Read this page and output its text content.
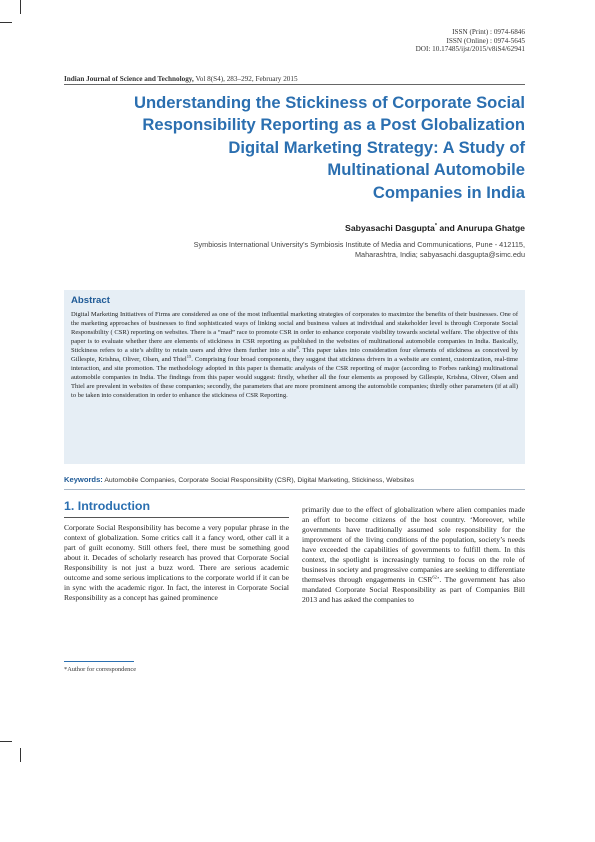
ISSN (Print) : 0974-6846
ISSN (Online) : 0974-5645
DOI: 10.17485/ijst/2015/v8iS4/62941
Indian Journal of Science and Technology, Vol 8(S4), 283–292, February 2015
Understanding the Stickiness of Corporate Social
Responsibility Reporting as a Post Globalization
Digital Marketing Strategy: A Study of
Multinational Automobile
Companies in India
Sabyasachi Dasgupta* and Anurupa Ghatge
Symbiosis International University's Symbiosis Institute of Media and Communications, Pune - 412115,
Maharashtra, India; sabyasachi.dasgupta@simc.edu
Abstract
Digital Marketing Initiatives of Firms are considered as one of the most influential marketing strategies of corporates to maximize the benefits of their businesses. One of the marketing approaches of businesses to find sophisticated ways of linking social and business values at individual and stakeholder level is through Corporate Social Responsibility ( CSR) reporting on websites. There is a “mad” race to promote CSR in order to enhance corporate visibility towards societal welfare. The objective of this paper is to evaluate whether there are elements of stickiness in CSR reporting as published in the websites of multinational automobile companies in India. Basically, Stickiness refers to a site’s ability to retain users and drive them further into a site$^8$. This paper takes into consideration four elements of stickiness as conceived by Gillespie, Krishna, Oliver, Olsen, and Thiel$^{15}$. Comprising four broad components, they suggest that stickiness drivers in a website are content, customization, real-time interaction, and site promotion. The methodology adopted in this paper is thematic analysis of the CSR reporting of major (according to Forbes ranking) multinational automobile companies in India. The findings from this paper would suggest: firstly, whether all the four elements as proposed by Gillespie, Krishna, Oliver, Olsen and Thiel are prevalent in websites of these companies; secondly, the parameters that are more prominent among the automobile companies; thirdly other parameters (if at all) to be taken into consideration in order to enhance the stickiness of CSR Reporting.
Keywords: Automobile Companies, Corporate Social Responsibility (CSR), Digital Marketing, Stickiness, Websites
1. Introduction
Corporate Social Responsibility has become a very popular phrase in the context of globalization. Some critics call it a fancy word, other call it a part of guilt economy. Still others feel, there must be something good about it. Decades of scholarly research has proved that Corporate Social Responsibility is not just a buzz word. There are serious academic outcome and some serious implications to the corporate world if it can be in sync with the academic rigor. In fact, the interest in Corporate Social Responsibility as a concept has gained prominence
primarily due to the effect of globalization where alien companies made an effort to become citizens of the host country. ‘Moreover, while governments have traditionally assumed sole responsibility for the improvement of the living conditions of the population, society’s needs have exceeded the capabilities of governments to fulfill them. In this context, the spotlight is increasingly turning to focus on the role of business in society and progressive companies are seeking to differentiate themselves through engagements in CSR$^{62}$’. The government has also mandated Corporate Social Responsibility as part of Companies Bill 2013 and has asked the companies to
*Author for correspondence
